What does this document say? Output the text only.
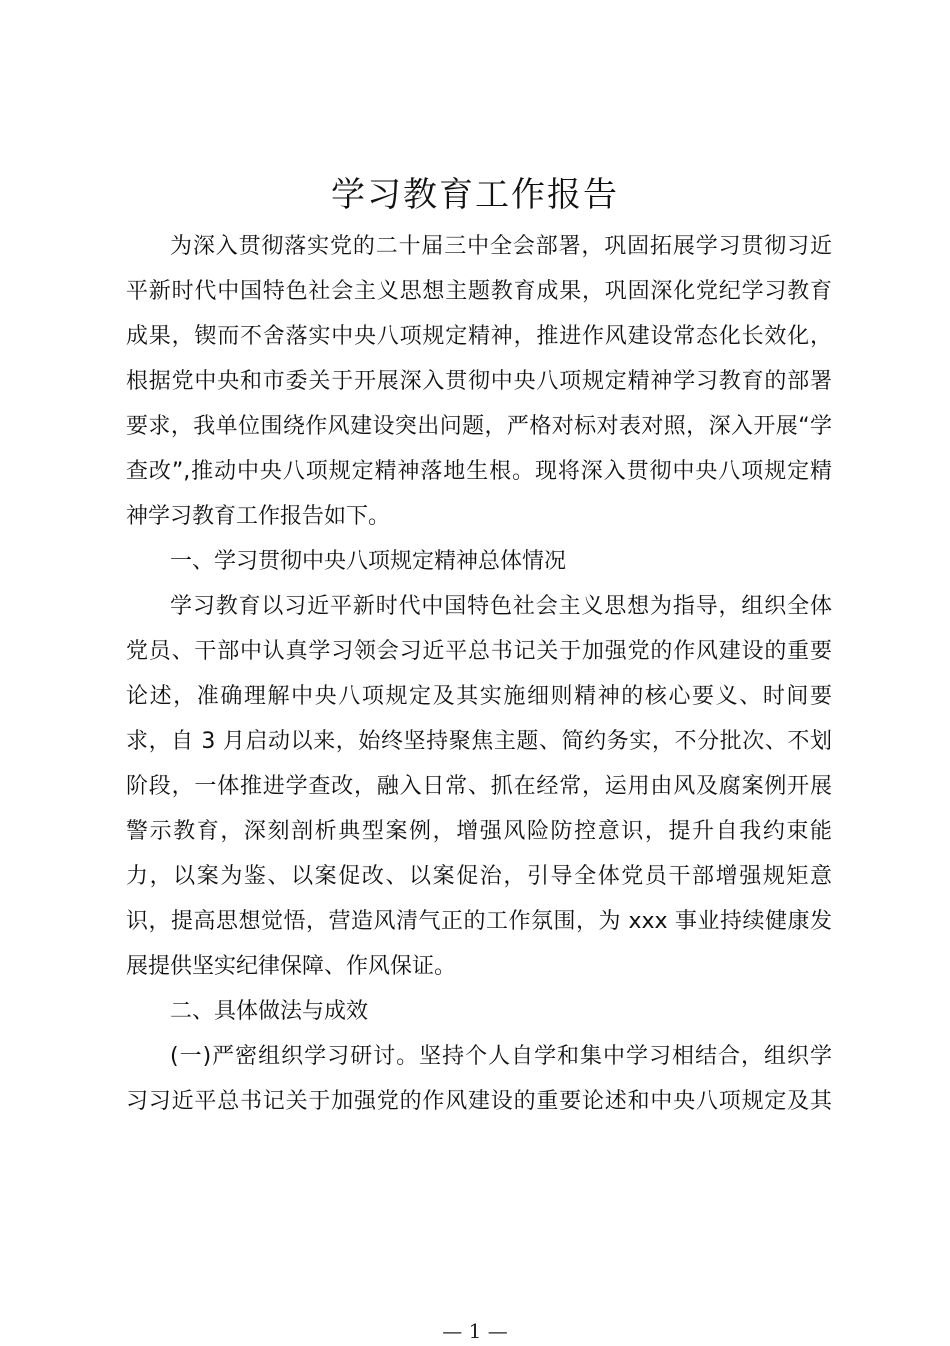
学习教育工作报告
为深入贯彻落实党的二十届三中全会部署，巩固拓展学习贯彻习近
平新时代中国特色社会主义思想主题教育成果，巩固深化党纪学习教育
成果，锲而不舍落实中央八项规定精神，推进作风建设常态化长效化，
根据党中央和市委关于开展深入贯彻中央八项规定精神学习教育的部署
要求，我单位围绕作风建设突出问题，严格对标对表对照，深入开展“学
查改”,推动中央八项规定精神落地生根。现将深入贯彻中央八项规定精
神学习教育工作报告如下。
一、学习贯彻中央八项规定精神总体情况
学习教育以习近平新时代中国特色社会主义思想为指导，组织全体
党员、干部中认真学习领会习近平总书记关于加强党的作风建设的重要
论述，准确理解中央八项规定及其实施细则精神的核心要义、时间要
求，自 3 月启动以来，始终坚持聚焦主题、简约务实，不分批次、不划
阶段，一体推进学查改，融入日常、抓在经常，运用由风及腐案例开展
警示教育，深刻剖析典型案例，增强风险防控意识，提升自我约束能
力，以案为鉴、以案促改、以案促治，引导全体党员干部增强规矩意
识，提高思想觉悟，营造风清气正的工作氛围，为 xxx 事业持续健康发
展提供坚实纪律保障、作风保证。
二、具体做法与成效
(一)严密组织学习研讨。坚持个人自学和集中学习相结合，组织学
习习近平总书记关于加强党的作风建设的重要论述和中央八项规定及其
— 1 —
